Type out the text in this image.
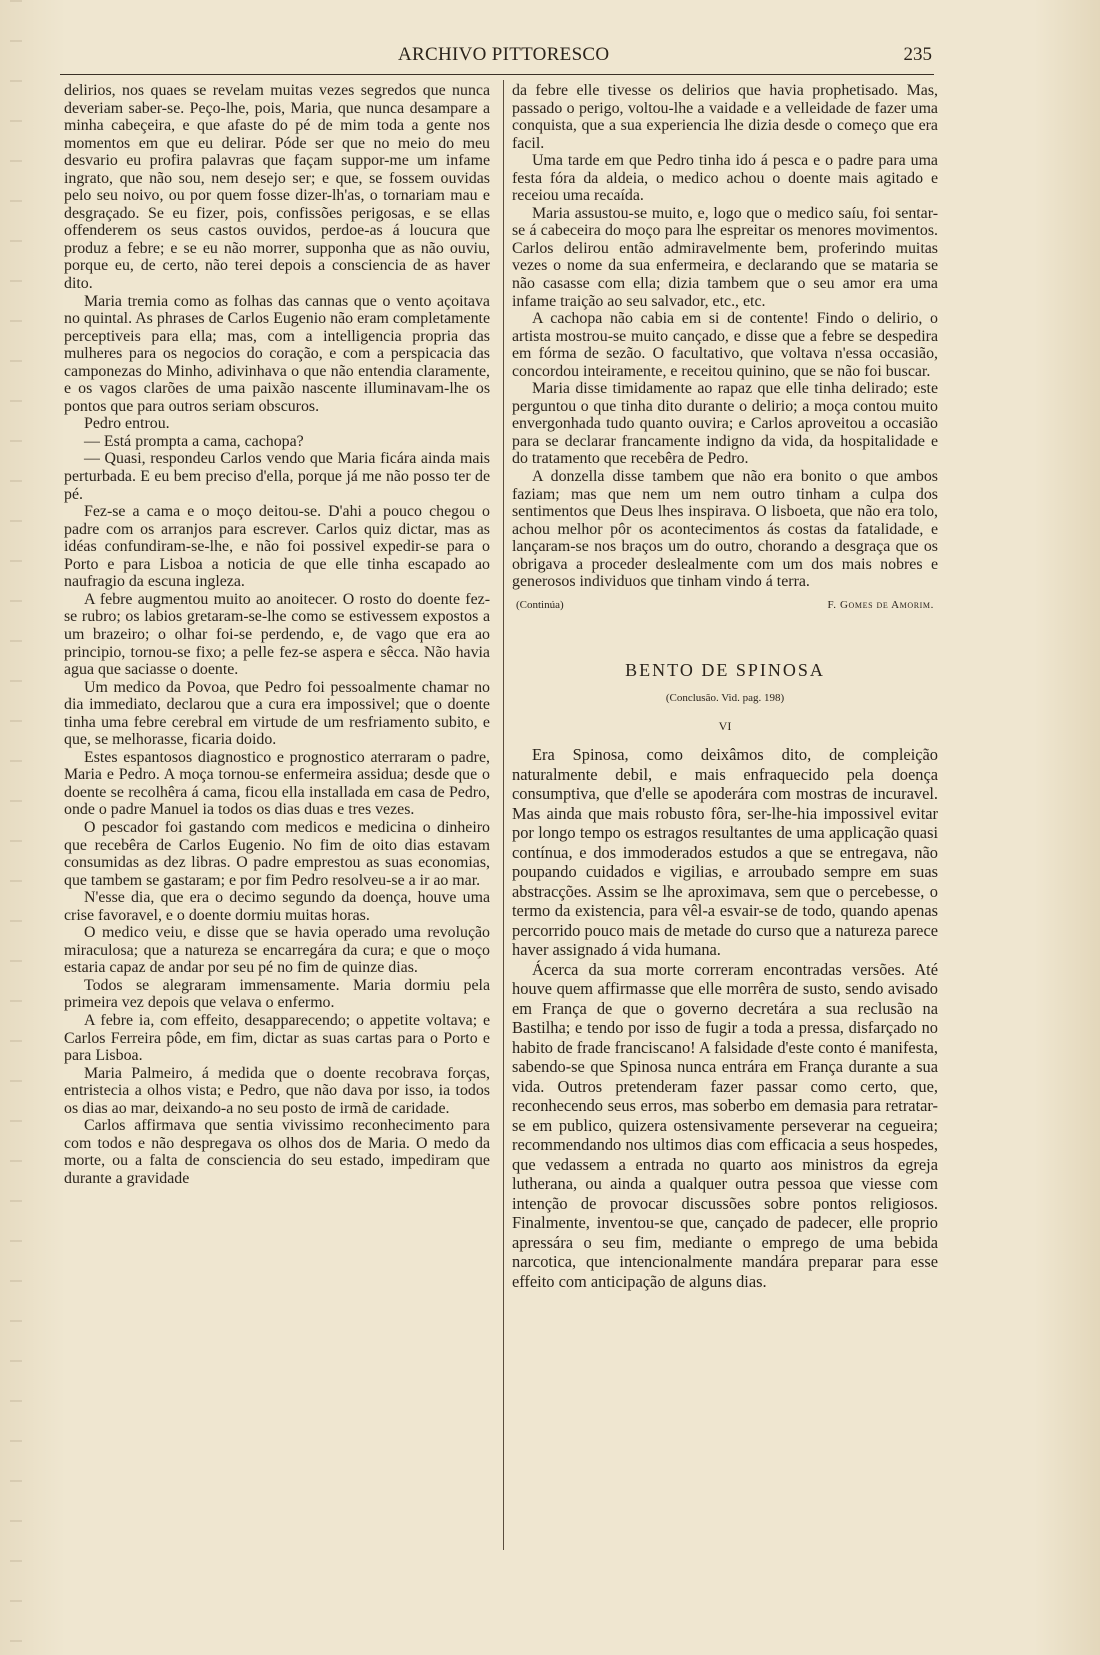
ARCHIVO PITTORESCO	235

delirios, nos quaes se revelam muitas vezes segredos que nunca deveriam saber-se. Peço-lhe, pois, Maria, que nunca desampare a minha cabeçeira, e que afaste do pé de mim toda a gente nos momentos em que eu delirar. Póde ser que no meio do meu desvario eu profira palavras que façam suppor-me um infame ingrato, que não sou, nem desejo ser; e que, se fossem ouvidas pelo seu noivo, ou por quem fosse dizer-lh'as, o tornariam mau e desgraçado. Se eu fizer, pois, confissões perigosas, e se ellas offenderem os seus castos ouvidos, perdoe-as á loucura que produz a febre; e se eu não morrer, supponha que as não ouviu, porque eu, de certo, não terei depois a consciencia de as haver dito.

Maria tremia como as folhas das cannas que o vento açoitava no quintal. As phrases de Carlos Eugenio não eram completamente perceptiveis para ella; mas, com a intelligencia propria das mulheres para os negocios do coração, e com a perspicacia das camponezas do Minho, adivinhava o que não entendia claramente, e os vagos clarões de uma paixão nascente illuminavam-lhe os pontos que para outros seriam obscuros.

Pedro entrou.

— Está prompta a cama, cachopa?

— Quasi, respondeu Carlos vendo que Maria ficára ainda mais perturbada. E eu bem preciso d'ella, porque já me não posso ter de pé.

Fez-se a cama e o moço deitou-se. D'ahi a pouco chegou o padre com os arranjos para escrever. Carlos quiz dictar, mas as idéas confundiram-se-lhe, e não foi possivel expedir-se para o Porto e para Lisboa a noticia de que elle tinha escapado ao naufragio da escuna ingleza.

A febre augmentou muito ao anoitecer. O rosto do doente fez-se rubro; os labios gretaram-se-lhe como se estivessem expostos a um brazeiro; o olhar foi-se perdendo, e, de vago que era ao principio, tornou-se fixo; a pelle fez-se aspera e sêcca. Não havia agua que saciasse o doente.

Um medico da Povoa, que Pedro foi pessoalmente chamar no dia immediato, declarou que a cura era impossivel; que o doente tinha uma febre cerebral em virtude de um resfriamento subito, e que, se melhorasse, ficaria doido.

Estes espantosos diagnostico e prognostico aterraram o padre, Maria e Pedro. A moça tornou-se enfermeira assidua; desde que o doente se recolhêra á cama, ficou ella installada em casa de Pedro, onde o padre Manuel ia todos os dias duas e tres vezes.

O pescador foi gastando com medicos e medicina o dinheiro que recebêra de Carlos Eugenio. No fim de oito dias estavam consumidas as dez libras. O padre emprestou as suas economias, que tambem se gastaram; e por fim Pedro resolveu-se a ir ao mar.

N'esse dia, que era o decimo segundo da doença, houve uma crise favoravel, e o doente dormiu muitas horas.

O medico veiu, e disse que se havia operado uma revolução miraculosa; que a natureza se encarregára da cura; e que o moço estaria capaz de andar por seu pé no fim de quinze dias.

Todos se alegraram immensamente. Maria dormiu pela primeira vez depois que velava o enfermo.

A febre ia, com effeito, desapparecendo; o appetite voltava; e Carlos Ferreira pôde, em fim, dictar as suas cartas para o Porto e para Lisboa.

Maria Palmeiro, á medida que o doente recobrava forças, entristecia a olhos vista; e Pedro, que não dava por isso, ia todos os dias ao mar, deixando-a no seu posto de irmã de caridade.

Carlos affirmava que sentia vivissimo reconhecimento para com todos e não despregava os olhos dos de Maria. O medo da morte, ou a falta de consciencia do seu estado, impediram que durante a gravidade

da febre elle tivesse os delirios que havia prophetisado. Mas, passado o perigo, voltou-lhe a vaidade e a velleidade de fazer uma conquista, que a sua experiencia lhe dizia desde o começo que era facil.

Uma tarde em que Pedro tinha ido á pesca e o padre para uma festa fóra da aldeia, o medico achou o doente mais agitado e receiou uma recaída.

Maria assustou-se muito, e, logo que o medico saíu, foi sentar-se á cabeceira do moço para lhe espreitar os menores movimentos. Carlos delirou então admiravelmente bem, proferindo muitas vezes o nome da sua enfermeira, e declarando que se mataria se não casasse com ella; dizia tambem que o seu amor era uma infame traição ao seu salvador, etc., etc.

A cachopa não cabia em si de contente! Findo o delirio, o artista mostrou-se muito cançado, e disse que a febre se despedira em fórma de sezão. O facultativo, que voltava n'essa occasião, concordou inteiramente, e receitou quinino, que se não foi buscar.

Maria disse timidamente ao rapaz que elle tinha delirado; este perguntou o que tinha dito durante o delirio; a moça contou muito envergonhada tudo quanto ouvira; e Carlos aproveitou a occasião para se declarar francamente indigno da vida, da hospitalidade e do tratamento que recebêra de Pedro.

A donzella disse tambem que não era bonito o que ambos faziam; mas que nem um nem outro tinham a culpa dos sentimentos que Deus lhes inspirava. O lisboeta, que não era tolo, achou melhor pôr os acontecimentos ás costas da fatalidade, e lançaram-se nos braços um do outro, chorando a desgraça que os obrigava a proceder deslealmente com um dos mais nobres e generosos individuos que tinham vindo á terra.

(Continúa)	F. Gomes de Amorim.
BENTO DE SPINOSA
(Conclusão. Vid. pag. 198)
VI

Era Spinosa, como deixâmos dito, de compleição naturalmente debil, e mais enfraquecido pela doença consumptiva, que d'elle se apoderára com mostras de incuravel. Mas ainda que mais robusto fôra, ser-lhe-hia impossivel evitar por longo tempo os estragos resultantes de uma applicação quasi contínua, e dos immoderados estudos a que se entregava, não poupando cuidados e vigilias, e arroubado sempre em suas abstracções. Assim se lhe aproximava, sem que o percebesse, o termo da existencia, para vêl-a esvair-se de todo, quando apenas percorrido pouco mais de metade do curso que a natureza parece haver assignado á vida humana.

Ácerca da sua morte correram encontradas versões. Até houve quem affirmasse que elle morrêra de susto, sendo avisado em França de que o governo decretára a sua reclusão na Bastilha; e tendo por isso de fugir a toda a pressa, disfarçado no habito de frade franciscano! A falsidade d'este conto é manifesta, sabendo-se que Spinosa nunca entrára em França durante a sua vida. Outros pretenderam fazer passar como certo, que, reconhecendo seus erros, mas soberbo em demasia para retratar-se em publico, quizera ostensivamente perseverar na cegueira; recommendando nos ultimos dias com efficacia a seus hospedes, que vedassem a entrada no quarto aos ministros da egreja lutherana, ou ainda a qualquer outra pessoa que viesse com intenção de provocar discussões sobre pontos religiosos. Finalmente, inventou-se que, cançado de padecer, elle proprio apressára o seu fim, mediante o emprego de uma bebida narcotica, que intencionalmente mandára preparar para esse effeito com anticipação de alguns dias.
